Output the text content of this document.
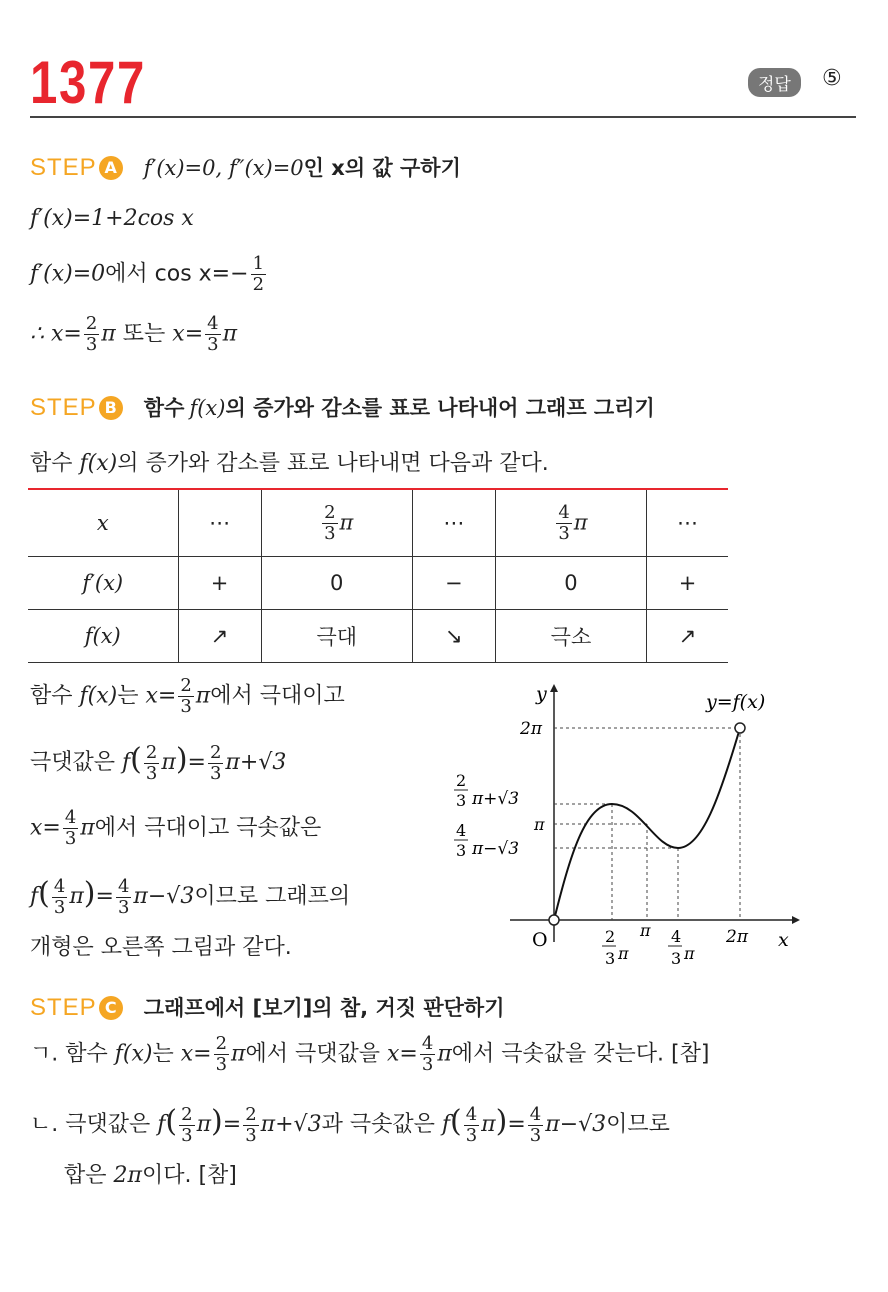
1377	정답	⑤
STEP A f′(x)=0, f″(x)=0인 x의 값 구하기
f′(x)=1+2cos x
f′(x)=0에서 $\cos x=- \frac{1}{2}$
∴ $x= \frac{2}{3}$ π 또는 $x= \frac{4}{3}$ π
STEP B 함수 f(x)의 증가와 감소를 표로 나타내어 그래프 그리기
함수 f(x)의 증가와 감소를 표로 나타내면 다음과 같다.
x	⋯	$\frac{2}{3}$ π	⋯	$\frac{4}{3}$ π	⋯
f′(x)	+	0	−	0	+
f(x)	↗	극대	↘	극소	↗
함수 f(x)는 $x= \frac{2}{3}$ π에서 극대이고
극댓값은 $f( \frac{2}{3} \pi)= \frac{2}{3} \pi+√3$
$x= \frac{4}{3}$ π에서 극대이고 극솟값은
$f( \frac{4}{3} \pi)= \frac{4}{3} \pi-√3$이므로 그래프의
개형은 오른쪽 그림과 같다.
y
x
O
y=f(x)
2π
2
3 π+√3
π
4
3 π−√3
2
3 π
π 4
3 π
2π
STEP C 그래프에서 [보기]의 참, 거짓 판단하기
ㄱ. 함수 f(x)는 $x= \frac{2}{3}$ π에서 극댓값을 $x= \frac{4}{3}$ π에서 극솟값을 갖는다. [참]
ㄴ. 극댓값은 $f( \frac{2}{3} \pi)= \frac{2}{3} \pi+√3$과 극솟값은 $f( \frac{4}{3} \pi)= \frac{4}{3} \pi-√3$이므로
합은 2π이다. [참]
